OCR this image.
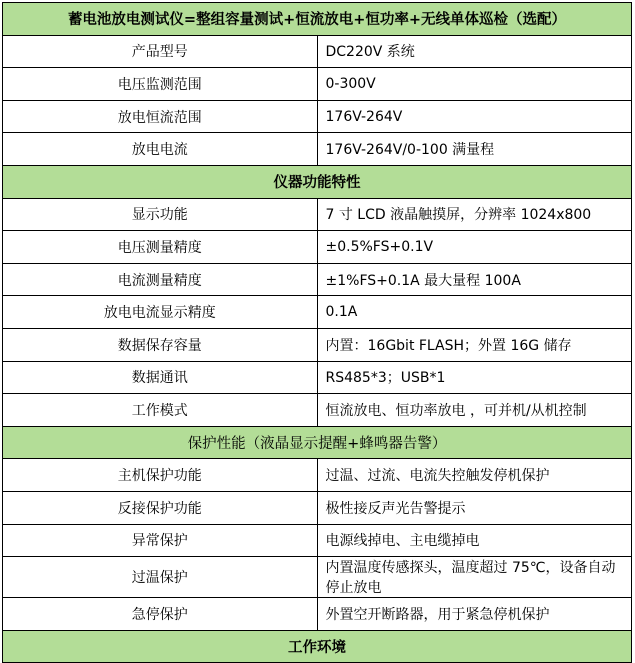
蓄电池放电测试仪=整组容量测试+恒流放电+恒功率+无线单体巡检（选配）	
产品型号	DC220V 系统
电压监测范围	0-300V
放电恒流范围	176V-264V
放电电流	176V-264V/0-100 满量程
仪器功能特性	
显示功能	7 寸 LCD 液晶触摸屏，分辨率 1024x800
电压测量精度	±0.5%FS+0.1V
电流测量精度	±1%FS+0.1A 最大量程 100A
放电电流显示精度	0.1A
数据保存容量	内置：16Gbit FLASH；外置 16G 储存
数据通讯	RS485*3；USB*1
工作模式	恒流放电、恒功率放电 ，可并机/从机控制
保护性能（液晶显示提醒+蜂鸣器告警）	
主机保护功能	过温、过流、电流失控触发停机保护
反接保护功能	极性接反声光告警提示
异常保护	电源线掉电、主电缆掉电
过温保护	内置温度传感探头，温度超过 75℃，设备自动停止放电
急停保护	外置空开断路器，用于紧急停机保护
工作环境	
